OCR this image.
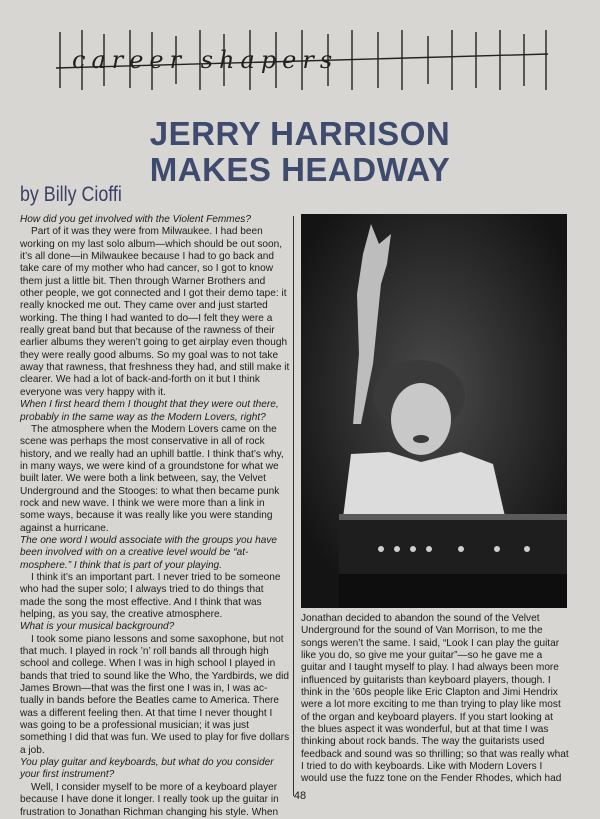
career shapers
JERRY HARRISON
MAKES HEADWAY
by Billy Cioffi

How did you get involved with the Violent Femmes?

Part of it was they were from Milwaukee. I had been working on my last solo album—which should be out soon, it’s all done—in Milwaukee because I had to go back and take care of my mother who had cancer, so I got to know them just a little bit. Then through Warner Brothers and other people, we got connected and I got their demo tape: it really knocked me out. They came over and just started working. The thing I had wanted to do—I felt they were a really great band but that because of the rawness of their earlier albums they weren’t going to get airplay even though they were really good albums. So my goal was to not take away that rawness, that freshness they had, and still make it clearer. We had a lot of back-and-forth on it but I think everyone was very happy with it.

When I first heard them I thought that they were out there, probably in the same way as the Modern Lovers, right?

The atmosphere when the Modern Lovers came on the scene was perhaps the most conservative in all of rock history, and we really had an uphill battle. I think that’s why, in many ways, we were kind of a groundstone for what we built later. We were both a link between, say, the Velvet Underground and the Stooges: to what then became punk rock and new wave. I think we were more than a link in some ways, because it was really like you were standing against a hurricane.

The one word I would associate with the groups you have been involved with on a creative level would be “at-mosphere.” I think that is part of your playing.

I think it’s an important part. I never tried to be someone who had the super solo; I always tried to do things that made the song the most effective. And I think that was helping, as you say, the creative atmosphere.

What is your musical background?

I took some piano lessons and some saxophone, but not that much. I played in rock ’n’ roll bands all through high school and college. When I was in high school I played in bands that tried to sound like the Who, the Yardbirds, we did James Brown—that was the first one I was in, I was ac-tually in bands before the Beatles came to America. There was a different feeling then. At that time I never thought I was going to be a professional musician; it was just something I did that was fun. We used to play for five dollars a job.

You play guitar and keyboards, but what do you consider your first instrument?

Well, I consider myself to be more of a keyboard player because I have done it longer. I really took up the guitar in frustration to Jonathan Richman changing his style. When

Jonathan decided to abandon the sound of the Velvet Underground for the sound of Van Morrison, to me the songs weren’t the same. I said, “Look I can play the guitar like you do, so give me your guitar”—so he gave me a guitar and I taught myself to play. I had always been more influenced by guitarists than keyboard players, though. I think in the ’60s people like Eric Clapton and Jimi Hendrix were a lot more exciting to me than trying to play like most of the organ and keyboard players. If you start looking at the blues aspect it was wonderful, but at that time I was thinking about rock bands. The way the guitarists used feedback and sound was so thrilling; so that was really what I tried to do with keyboards. Like with Modern Lovers I would use the fuzz tone on the Fender Rhodes, which had

48
